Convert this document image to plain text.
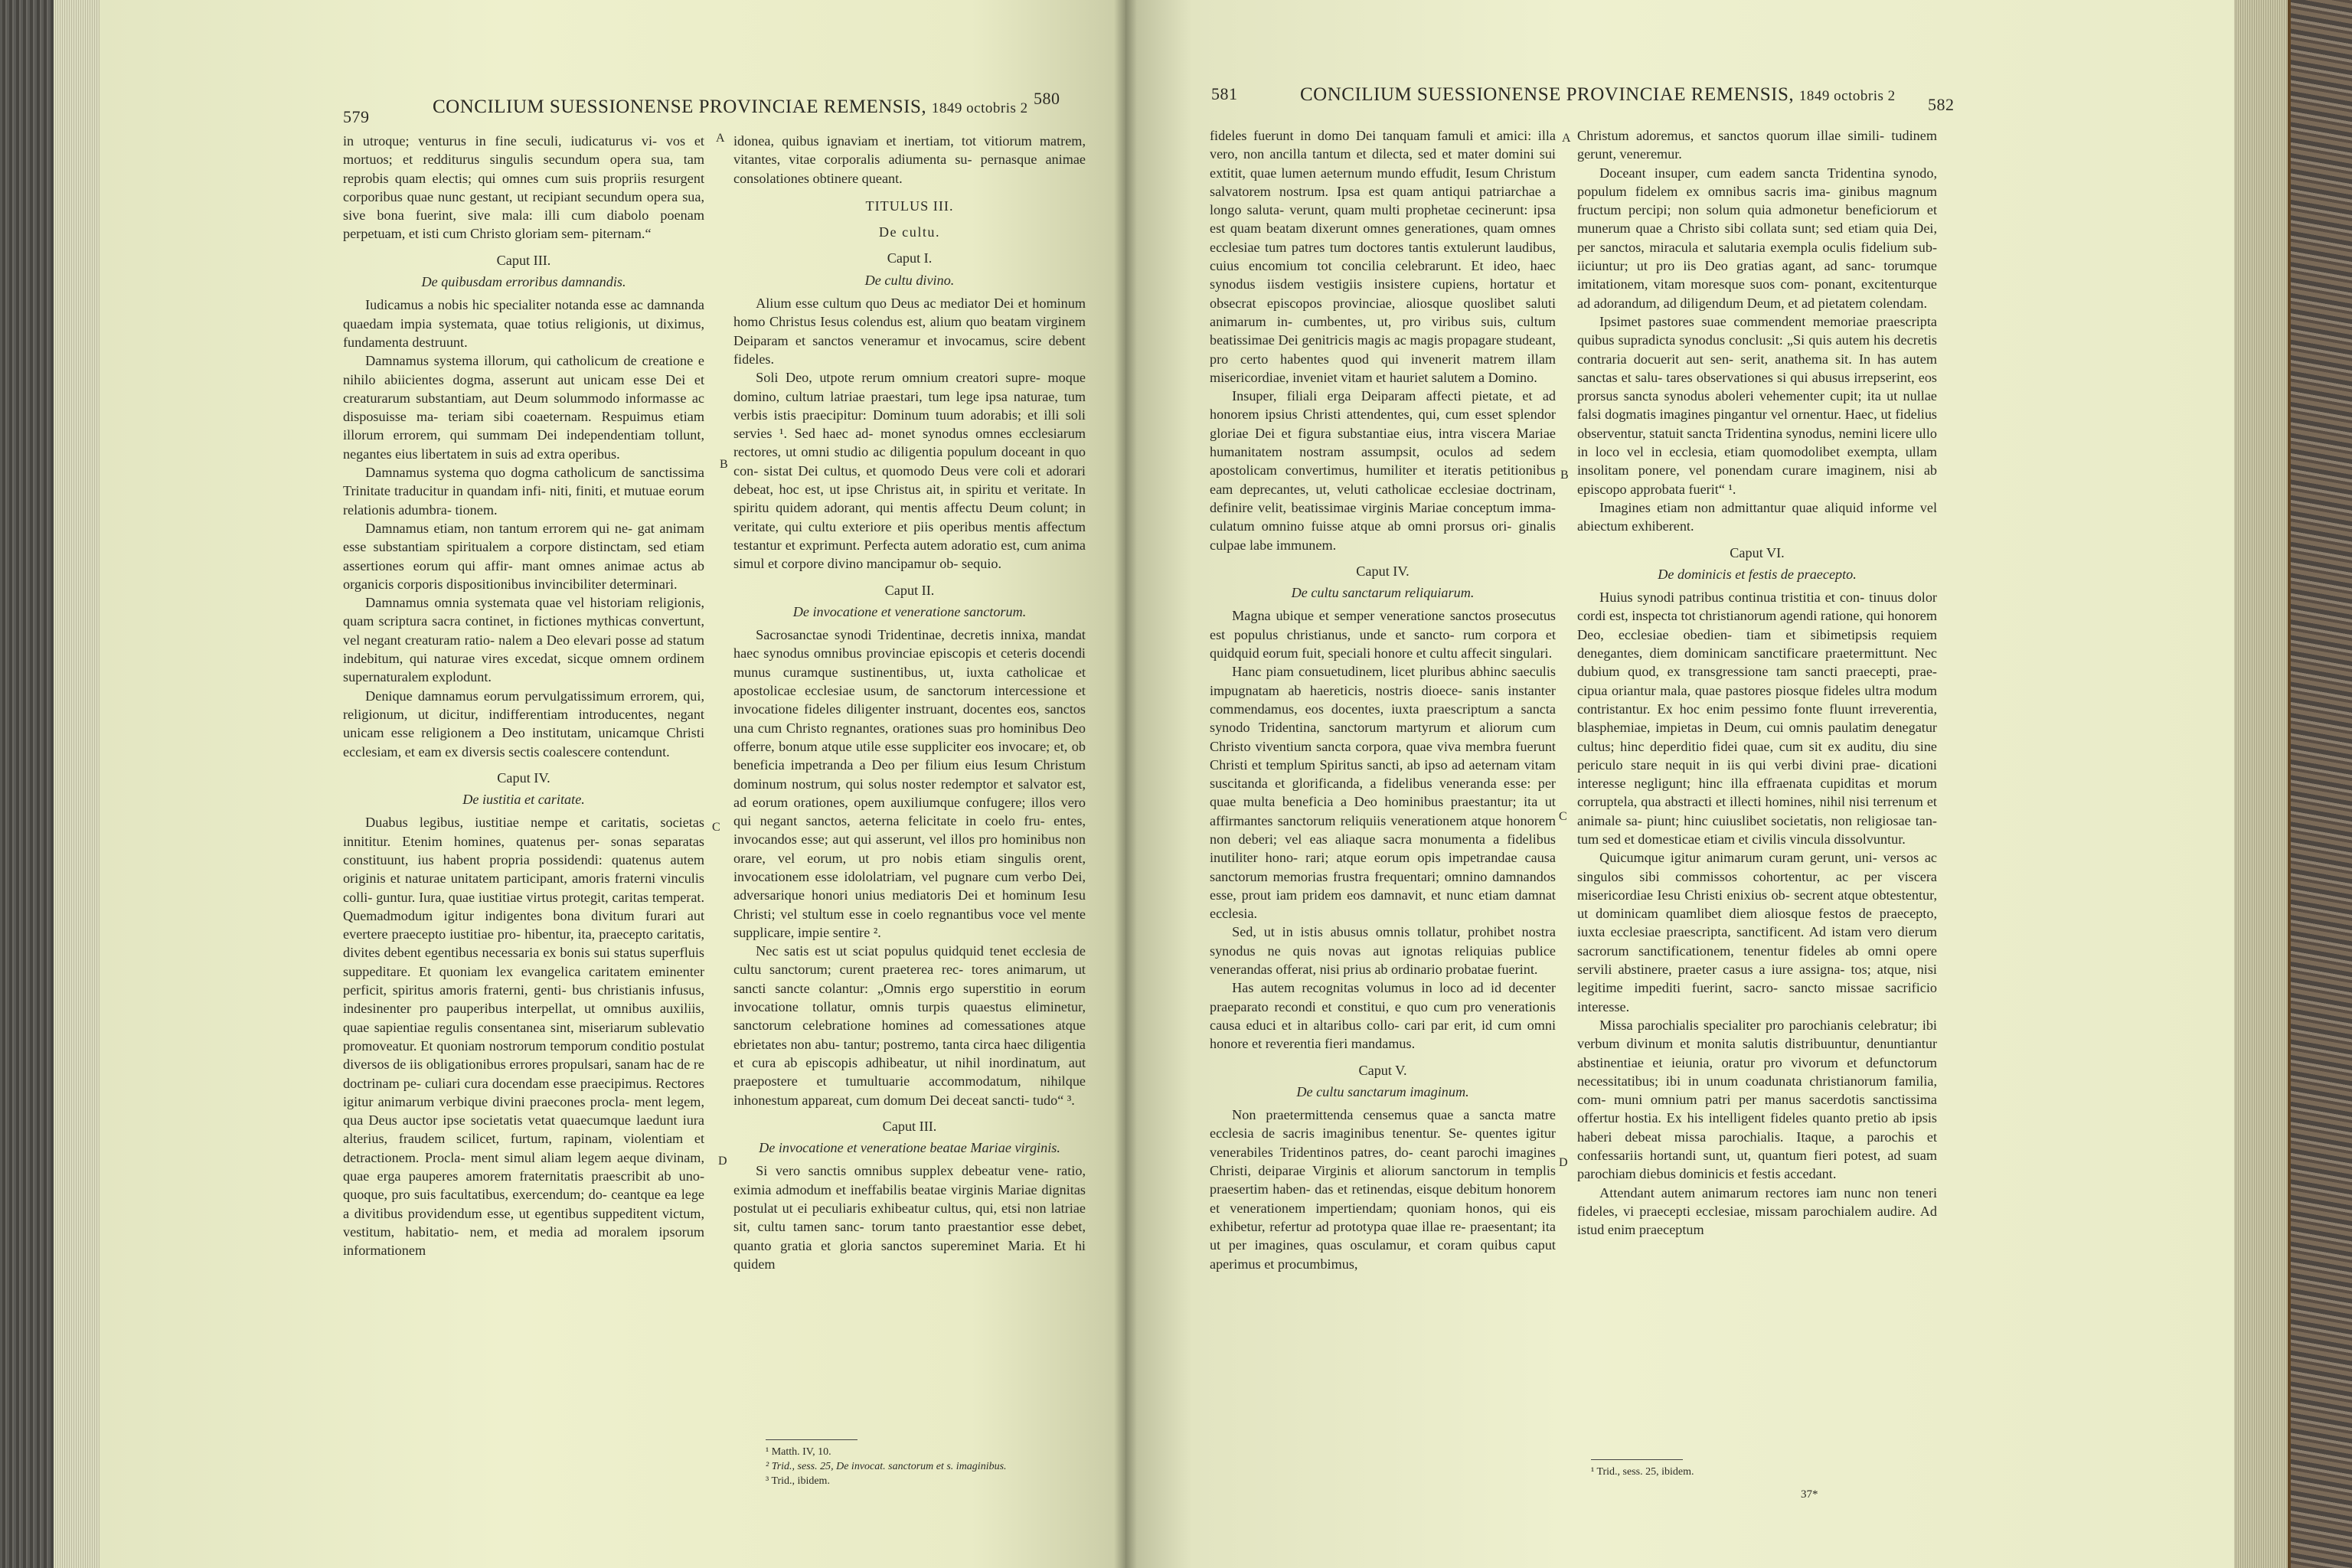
579	CONCILIUM SUESSIONENSE PROVINCIAE REMENSIS, 1849 octobris 2
580
A
B
C
D

in utroque; venturus in fine seculi, iudicaturus vi- vos et mortuos; et redditurus singulis secundum opera sua, tam reprobis quam electis; qui omnes cum suis propriis resurgent corporibus quae nunc gestant, ut recipiant secundum opera sua, sive bona fuerint, sive mala: illi cum diabolo poenam perpetuam, et isti cum Christo gloriam sem- piternam.“

Caput III.

De quibusdam erroribus damnandis.

Iudicamus a nobis hic specialiter notanda esse ac damnanda quaedam impia systemata, quae totius religionis, ut diximus, fundamenta destruunt.

Damnamus systema illorum, qui catholicum de creatione e nihilo abiicientes dogma, asserunt aut unicam esse Dei et creaturarum substantiam, aut Deum solummodo informasse ac disposuisse ma- teriam sibi coaeternam. Respuimus etiam illorum errorem, qui summam Dei independentiam tollunt, negantes eius libertatem in suis ad extra operibus.

Damnamus systema quo dogma catholicum de sanctissima Trinitate traducitur in quandam infi- niti, finiti, et mutuae eorum relationis adumbra- tionem.

Damnamus etiam, non tantum errorem qui ne- gat animam esse substantiam spiritualem a corpore distinctam, sed etiam assertiones eorum qui affir- mant omnes animae actus ab organicis corporis dispositionibus invincibiliter determinari.

Damnamus omnia systemata quae vel historiam religionis, quam scriptura sacra continet, in fictiones mythicas convertunt, vel negant creaturam ratio- nalem a Deo elevari posse ad statum indebitum, qui naturae vires excedat, sicque omnem ordinem supernaturalem explodunt.

Denique damnamus eorum pervulgatissimum errorem, qui, religionum, ut dicitur, indifferentiam introducentes, negant unicam esse religionem a Deo institutam, unicamque Christi ecclesiam, et eam ex diversis sectis coalescere contendunt.

Caput IV.

De iustitia et caritate.

Duabus legibus, iustitiae nempe et caritatis, societas innititur. Etenim homines, quatenus per- sonas separatas constituunt, ius habent propria possidendi: quatenus autem originis et naturae unitatem participant, amoris fraterni vinculis colli- guntur. Iura, quae iustitiae virtus protegit, caritas temperat. Quemadmodum igitur indigentes bona divitum furari aut evertere praecepto iustitiae pro- hibentur, ita, praecepto caritatis, divites debent egentibus necessaria ex bonis sui status superfluis suppeditare. Et quoniam lex evangelica caritatem eminenter perficit, spiritus amoris fraterni, genti- bus christianis infusus, indesinenter pro pauperibus interpellat, ut omnibus auxiliis, quae sapientiae regulis consentanea sint, miseriarum sublevatio promoveatur. Et quoniam nostrorum temporum conditio postulat diversos de iis obligationibus errores propulsari, sanam hac de re doctrinam pe- culiari cura docendam esse praecipimus. Rectores igitur animarum verbique divini praecones procla- ment legem, qua Deus auctor ipse societatis vetat quaecumque laedunt iura alterius, fraudem scilicet, furtum, rapinam, violentiam et detractionem. Procla- ment simul aliam legem aeque divinam, quae erga pauperes amorem fraternitatis praescribit ab uno- quoque, pro suis facultatibus, exercendum; do- ceantque ea lege a divitibus providendum esse, ut egentibus suppeditent victum, vestitum, habitatio- nem, et media ad moralem ipsorum informationem

idonea, quibus ignaviam et inertiam, tot vitiorum matrem, vitantes, vitae corporalis adiumenta su- pernasque animae consolationes obtinere queant.

TITULUS III.

De cultu.

Caput I.

De cultu divino.

Alium esse cultum quo Deus ac mediator Dei et hominum homo Christus Iesus colendus est, alium quo beatam virginem Deiparam et sanctos veneramur et invocamus, scire debent fideles.

Soli Deo, utpote rerum omnium creatori supre- moque domino, cultum latriae praestari, tum lege ipsa naturae, tum verbis istis praecipitur: Dominum tuum adorabis; et illi soli servies ¹. Sed haec ad- monet synodus omnes ecclesiarum rectores, ut omni studio ac diligentia populum doceant in quo con- sistat Dei cultus, et quomodo Deus vere coli et adorari debeat, hoc est, ut ipse Christus ait, in spiritu et veritate. In spiritu quidem adorant, qui mentis affectu Deum colunt; in veritate, qui cultu exteriore et piis operibus mentis affectum testantur et exprimunt. Perfecta autem adoratio est, cum anima simul et corpore divino mancipamur ob- sequio.

Caput II.

De invocatione et veneratione sanctorum.

Sacrosanctae synodi Tridentinae, decretis innixa, mandat haec synodus omnibus provinciae episcopis et ceteris docendi munus curamque sustinentibus, ut, iuxta catholicae et apostolicae ecclesiae usum, de sanctorum intercessione et invocatione fideles diligenter instruant, docentes eos, sanctos una cum Christo regnantes, orationes suas pro hominibus Deo offerre, bonum atque utile esse suppliciter eos invocare; et, ob beneficia impetranda a Deo per filium eius Iesum Christum dominum nostrum, qui solus noster redemptor et salvator est, ad eorum orationes, opem auxiliumque confugere; illos vero qui negant sanctos, aeterna felicitate in coelo fru- entes, invocandos esse; aut qui asserunt, vel illos pro hominibus non orare, vel eorum, ut pro nobis etiam singulis orent, invocationem esse idololatriam, vel pugnare cum verbo Dei, adversarique honori unius mediatoris Dei et hominum Iesu Christi; vel stultum esse in coelo regnantibus voce vel mente supplicare, impie sentire ².

Nec satis est ut sciat populus quidquid tenet ecclesia de cultu sanctorum; curent praeterea rec- tores animarum, ut sancti sancte colantur: „Omnis ergo superstitio in eorum invocatione tollatur, omnis turpis quaestus eliminetur, sanctorum celebratione homines ad comessationes atque ebrietates non abu- tantur; postremo, tanta circa haec diligentia et cura ab episcopis adhibeatur, ut nihil inordinatum, aut praepostere et tumultuarie accommodatum, nihilque inhonestum appareat, cum domum Dei deceat sancti- tudo“ ³.

Caput III.

De invocatione et veneratione beatae Mariae virginis.

Si vero sanctis omnibus supplex debeatur vene- ratio, eximia admodum et ineffabilis beatae virginis Mariae dignitas postulat ut ei peculiaris exhibeatur cultus, qui, etsi non latriae sit, cultu tamen sanc- torum tanto praestantior esse debet, quanto gratia et gloria sanctos supereminet Maria. Et hi quidem

¹ Matth. IV, 10.
² Trid., sess. 25, De invocat. sanctorum et s. imaginibus.
³ Trid., ibidem.
581	CONCILIUM SUESSIONENSE PROVINCIAE REMENSIS, 1849 octobris 2 582
A
B
C
D

fideles fuerunt in domo Dei tanquam famuli et amici: illa vero, non ancilla tantum et dilecta, sed et mater domini sui extitit, quae lumen aeternum mundo effudit, Iesum Christum salvatorem nostrum. Ipsa est quam antiqui patriarchae a longo saluta- verunt, quam multi prophetae cecinerunt: ipsa est quam beatam dixerunt omnes generationes, quam omnes ecclesiae tum patres tum doctores tantis extulerunt laudibus, cuius encomium tot concilia celebrarunt. Et ideo, haec synodus iisdem vestigiis insistere cupiens, hortatur et obsecrat episcopos provinciae, aliosque quoslibet saluti animarum in- cumbentes, ut, pro viribus suis, cultum beatissimae Dei genitricis magis ac magis propagare studeant, pro certo habentes quod qui invenerit matrem illam misericordiae, inveniet vitam et hauriet salutem a Domino.

Insuper, filiali erga Deiparam affecti pietate, et ad honorem ipsius Christi attendentes, qui, cum esset splendor gloriae Dei et figura substantiae eius, intra viscera Mariae humanitatem nostram assumpsit, oculos ad sedem apostolicam convertimus, humiliter et iteratis petitionibus eam deprecantes, ut, veluti catholicae ecclesiae doctrinam, definire velit, beatissimae virginis Mariae conceptum imma- culatum omnino fuisse atque ab omni prorsus ori- ginalis culpae labe immunem.

Caput IV.

De cultu sanctarum reliquiarum.

Magna ubique et semper veneratione sanctos prosecutus est populus christianus, unde et sancto- rum corpora et quidquid eorum fuit, speciali honore et cultu affecit singulari.

Hanc piam consuetudinem, licet pluribus abhinc saeculis impugnatam ab haereticis, nostris dioece- sanis instanter commendamus, eos docentes, iuxta praescriptum a sancta synodo Tridentina, sanctorum martyrum et aliorum cum Christo viventium sancta corpora, quae viva membra fuerunt Christi et templum Spiritus sancti, ab ipso ad aeternam vitam suscitanda et glorificanda, a fidelibus veneranda esse: per quae multa beneficia a Deo hominibus praestantur; ita ut affirmantes sanctorum reliquiis venerationem atque honorem non deberi; vel eas aliaque sacra monumenta a fidelibus inutiliter hono- rari; atque eorum opis impetrandae causa sanctorum memorias frustra frequentari; omnino damnandos esse, prout iam pridem eos damnavit, et nunc etiam damnat ecclesia.

Sed, ut in istis abusus omnis tollatur, prohibet nostra synodus ne quis novas aut ignotas reliquias publice venerandas offerat, nisi prius ab ordinario probatae fuerint.

Has autem recognitas volumus in loco ad id decenter praeparato recondi et constitui, e quo cum pro venerationis causa educi et in altaribus collo- cari par erit, id cum omni honore et reverentia fieri mandamus.

Caput V.

De cultu sanctarum imaginum.

Non praetermittenda censemus quae a sancta matre ecclesia de sacris imaginibus tenentur. Se- quentes igitur venerabiles Tridentinos patres, do- ceant parochi imagines Christi, deiparae Virginis et aliorum sanctorum in templis praesertim haben- das et retinendas, eisque debitum honorem et venerationem impertiendam; quoniam honos, qui eis exhibetur, refertur ad prototypa quae illae re- praesentant; ita ut per imagines, quas osculamur, et coram quibus caput aperimus et procumbimus,

Christum adoremus, et sanctos quorum illae simili- tudinem gerunt, veneremur.

Doceant insuper, cum eadem sancta Tridentina synodo, populum fidelem ex omnibus sacris ima- ginibus magnum fructum percipi; non solum quia admonetur beneficiorum et munerum quae a Christo sibi collata sunt; sed etiam quia Dei, per sanctos, miracula et salutaria exempla oculis fidelium sub- iiciuntur; ut pro iis Deo gratias agant, ad sanc- torumque imitationem, vitam moresque suos com- ponant, excitenturque ad adorandum, ad diligendum Deum, et ad pietatem colendam.

Ipsimet pastores suae commendent memoriae praescripta quibus supradicta synodus conclusit: „Si quis autem his decretis contraria docuerit aut sen- serit, anathema sit. In has autem sanctas et salu- tares observationes si qui abusus irrepserint, eos prorsus sancta synodus aboleri vehementer cupit; ita ut nullae falsi dogmatis imagines pingantur vel ornentur. Haec, ut fidelius observentur, statuit sancta Tridentina synodus, nemini licere ullo in loco vel in ecclesia, etiam quomodolibet exempta, ullam insolitam ponere, vel ponendam curare imaginem, nisi ab episcopo approbata fuerit“ ¹.

Imagines etiam non admittantur quae aliquid informe vel abiectum exhiberent.

Caput VI.

De dominicis et festis de praecepto.

Huius synodi patribus continua tristitia et con- tinuus dolor cordi est, inspecta tot christianorum agendi ratione, qui honorem Deo, ecclesiae obedien- tiam et sibimetipsis requiem denegantes, diem dominicam sanctificare praetermittunt. Nec dubium quod, ex transgressione tam sancti praecepti, prae- cipua oriantur mala, quae pastores piosque fideles ultra modum contristantur. Ex hoc enim pessimo fonte fluunt irreverentia, blasphemiae, impietas in Deum, cui omnis paulatim denegatur cultus; hinc deperditio fidei quae, cum sit ex auditu, diu sine periculo stare nequit in iis qui verbi divini prae- dicationi interesse negligunt; hinc illa effraenata cupiditas et morum corruptela, qua abstracti et illecti homines, nihil nisi terrenum et animale sa- piunt; hinc cuiuslibet societatis, non religiosae tan- tum sed et domesticae etiam et civilis vincula dissolvuntur.

Quicumque igitur animarum curam gerunt, uni- versos ac singulos sibi commissos cohortentur, ac per viscera misericordiae Iesu Christi enixius ob- secrent atque obtestentur, ut dominicam quamlibet diem aliosque festos de praecepto, iuxta ecclesiae praescripta, sanctificent. Ad istam vero dierum sacrorum sanctificationem, tenentur fideles ab omni opere servili abstinere, praeter casus a iure assigna- tos; atque, nisi legitime impediti fuerint, sacro- sancto missae sacrificio interesse.

Missa parochialis specialiter pro parochianis celebratur; ibi verbum divinum et monita salutis distribuuntur, denuntiantur abstinentiae et ieiunia, oratur pro vivorum et defunctorum necessitatibus; ibi in unum coadunata christianorum familia, com- muni omnium patri per manus sacerdotis sanctissima offertur hostia. Ex his intelligent fideles quanto pretio ab ipsis haberi debeat missa parochialis. Itaque, a parochis et confessariis hortandi sunt, ut, quantum fieri potest, ad suam parochiam diebus dominicis et festis accedant.

Attendant autem animarum rectores iam nunc non teneri fideles, vi praecepti ecclesiae, missam parochialem audire. Ad istud enim praeceptum

¹ Trid., sess. 25, ibidem.
37*
